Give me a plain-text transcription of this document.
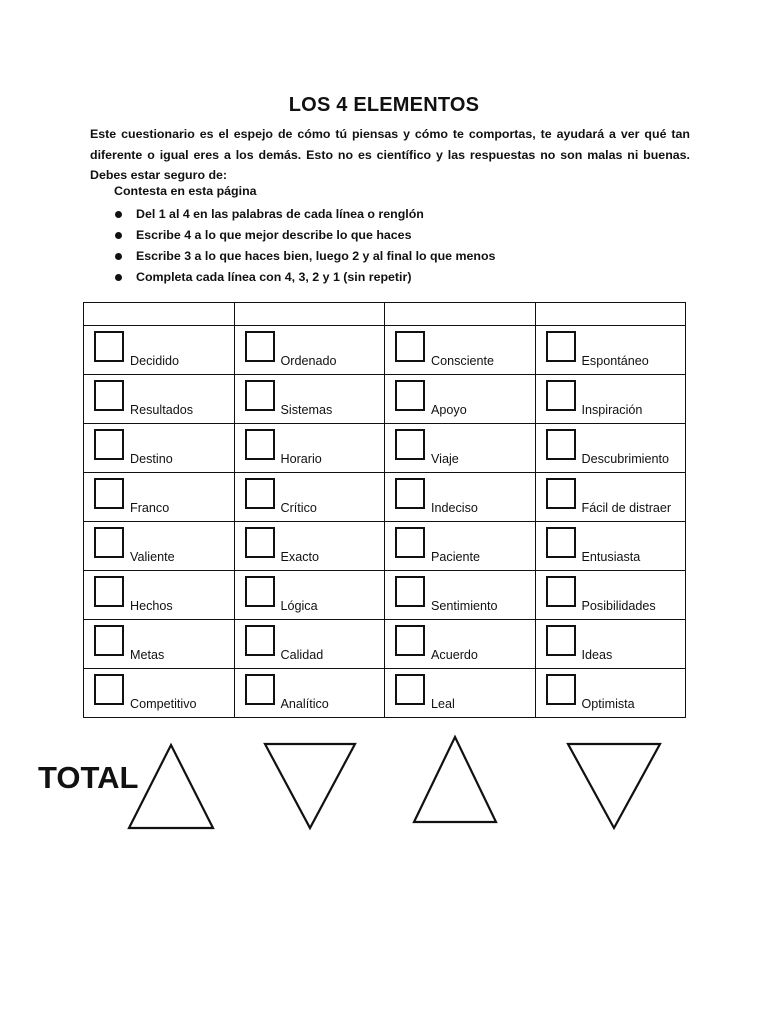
LOS 4 ELEMENTOS
Este cuestionario es el espejo de cómo tú piensas y cómo te comportas, te ayudará a ver qué tan diferente o igual eres a los demás. Esto no es científico y las respuestas no son malas ni buenas. Debes estar seguro de:
Contesta en esta página
Del 1 al 4 en las palabras de cada línea o renglón
Escribe 4 a lo que mejor describe lo que haces
Escribe 3 a lo que haces bien, luego 2 y al final lo que menos
Completa cada línea con 4, 3, 2 y 1 (sin repetir)

Decidido	Ordenado	Consciente	Espontáneo

Resultados	Sistemas	Apoyo	Inspiración

Destino	Horario	Viaje	Descubrimiento

Franco	Crítico	Indeciso	Fácil de distraer

Valiente	Exacto	Paciente	Entusiasta

Hechos	Lógica	Sentimiento	Posibilidades

Metas	Calidad	Acuerdo	Ideas

Competitivo	Analítico	Leal	Optimista
TOTAL
